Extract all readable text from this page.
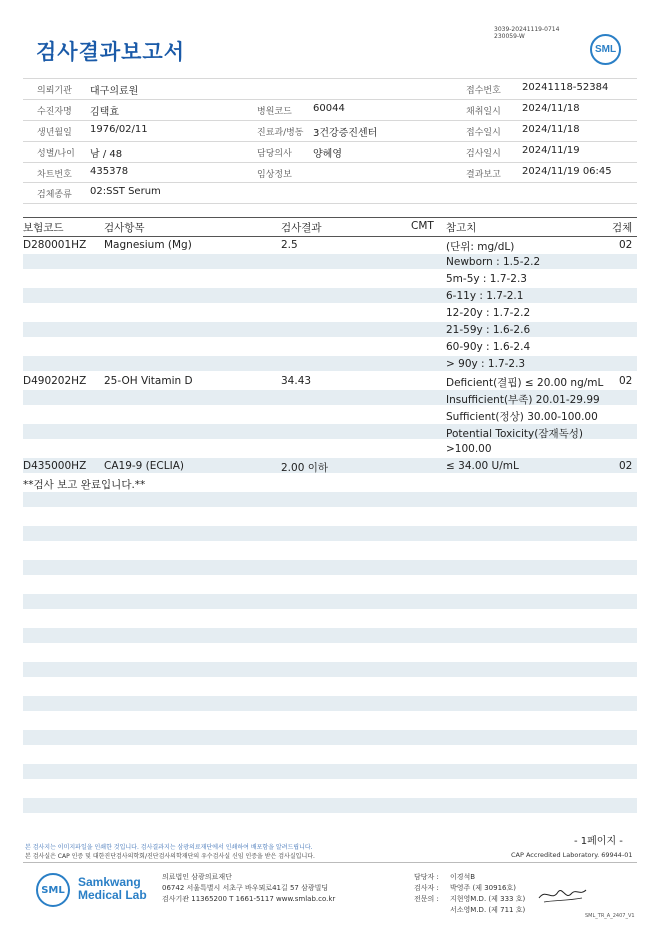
검사결과보고서
3039-20241119-0714
230059-W
SML
의뢰기관 대구의료원	접수번호 20241118-52384
수진자명 김택효	병원코드 60044	채취일시 2024/11/18
생년월일 1976/02/11	진료과/병동 3건강증진센터	접수일시 2024/11/18
성별/나이 남 / 48	담당의사 양혜영	검사일시 2024/11/19
차트번호 435378	임상정보	결과보고 2024/11/19 06:45
검체종류 02:SST Serum
보험코드	검사항목	검사결과	CMT 참고치	검체
D280001HZ Magnesium (Mg)	2.5	(단위: mg/dL)	02
Newborn : 1.5-2.2
5m-5y : 1.7-2.3
6-11y : 1.7-2.1
12-20y : 1.7-2.2
21-59y : 1.6-2.6
60-90y : 1.6-2.4
> 90y : 1.7-2.3
D490202HZ 25-OH Vitamin D	34.43	Deficient(결핍) ≤ 20.00 ng/mL 02
Insufficient(부족) 20.01-29.99
Sufficient(정상) 30.00-100.00
Potential Toxicity(잠재독성)
>100.00
D435000HZ CA19-9 (ECLIA)	2.00 이하	≤ 34.00 U/mL	02
**검사 보고 완료입니다.**
본 검사지는 이미지파일을 인쇄한 것입니다. 검사결과지는 삼광의료재단에서 인쇄하여 배포함을 알려드립니다.
본 검사실은 CAP 인증 및 대한진단검사의학회/진단검사의학재단의 우수검사실 신임 인증을 받은 검사실입니다.
- 1페이지 -
CAP Accredited Laboratory. 69944-01
SML
Samkwang
Medical Lab
의료법인 삼광의료재단
06742 서울특별시 서초구 바우뫼로41길 57 삼광빌딩
검사기관 11365200 T 1661-5117 www.smlab.co.kr
담당자 : 이경석B
검사자 : 박영주 (제 30916호)
전문의 : 지현영M.D. (제 333 호)
서소영M.D. (제 711 호)
SML_TR_A_2407_V1
